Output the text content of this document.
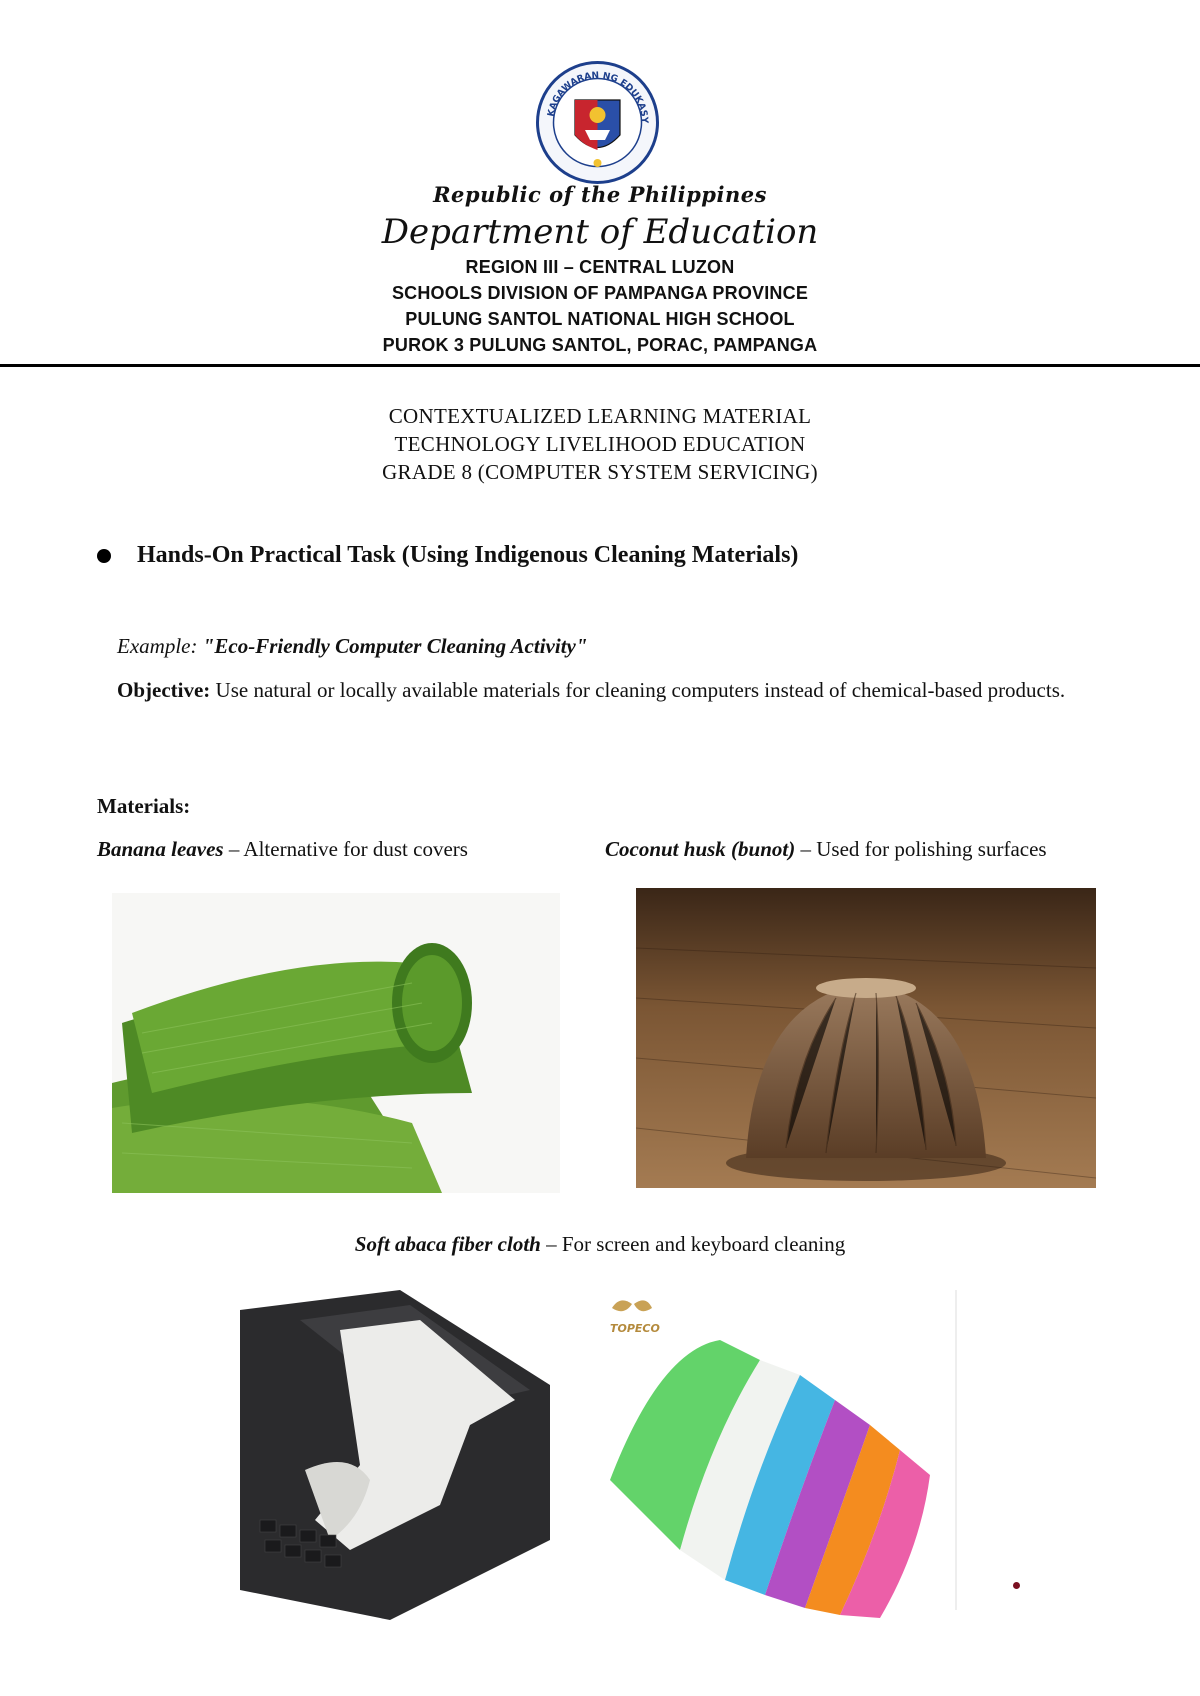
KAGAWARAN NG EDUKASY
Republic of the Philippines
Department of Education
REGION III – CENTRAL LUZON
SCHOOLS DIVISION OF PAMPANGA PROVINCE
PULUNG SANTOL NATIONAL HIGH SCHOOL
PUROK 3 PULUNG SANTOL, PORAC, PAMPANGA
CONTEXTUALIZED LEARNING MATERIAL
TECHNOLOGY LIVELIHOOD EDUCATION
GRADE 8 (COMPUTER SYSTEM SERVICING)
Hands-On Practical Task (Using Indigenous Cleaning Materials)
Example: "Eco-Friendly Computer Cleaning Activity"
Objective: Use natural or locally available materials for cleaning computers instead of chemical-based products.
Materials:
Banana leaves – Alternative for dust covers	Coconut husk (bunot) – Used for polishing surfaces
Soft abaca fiber cloth – For screen and keyboard cleaning
TOPECO
